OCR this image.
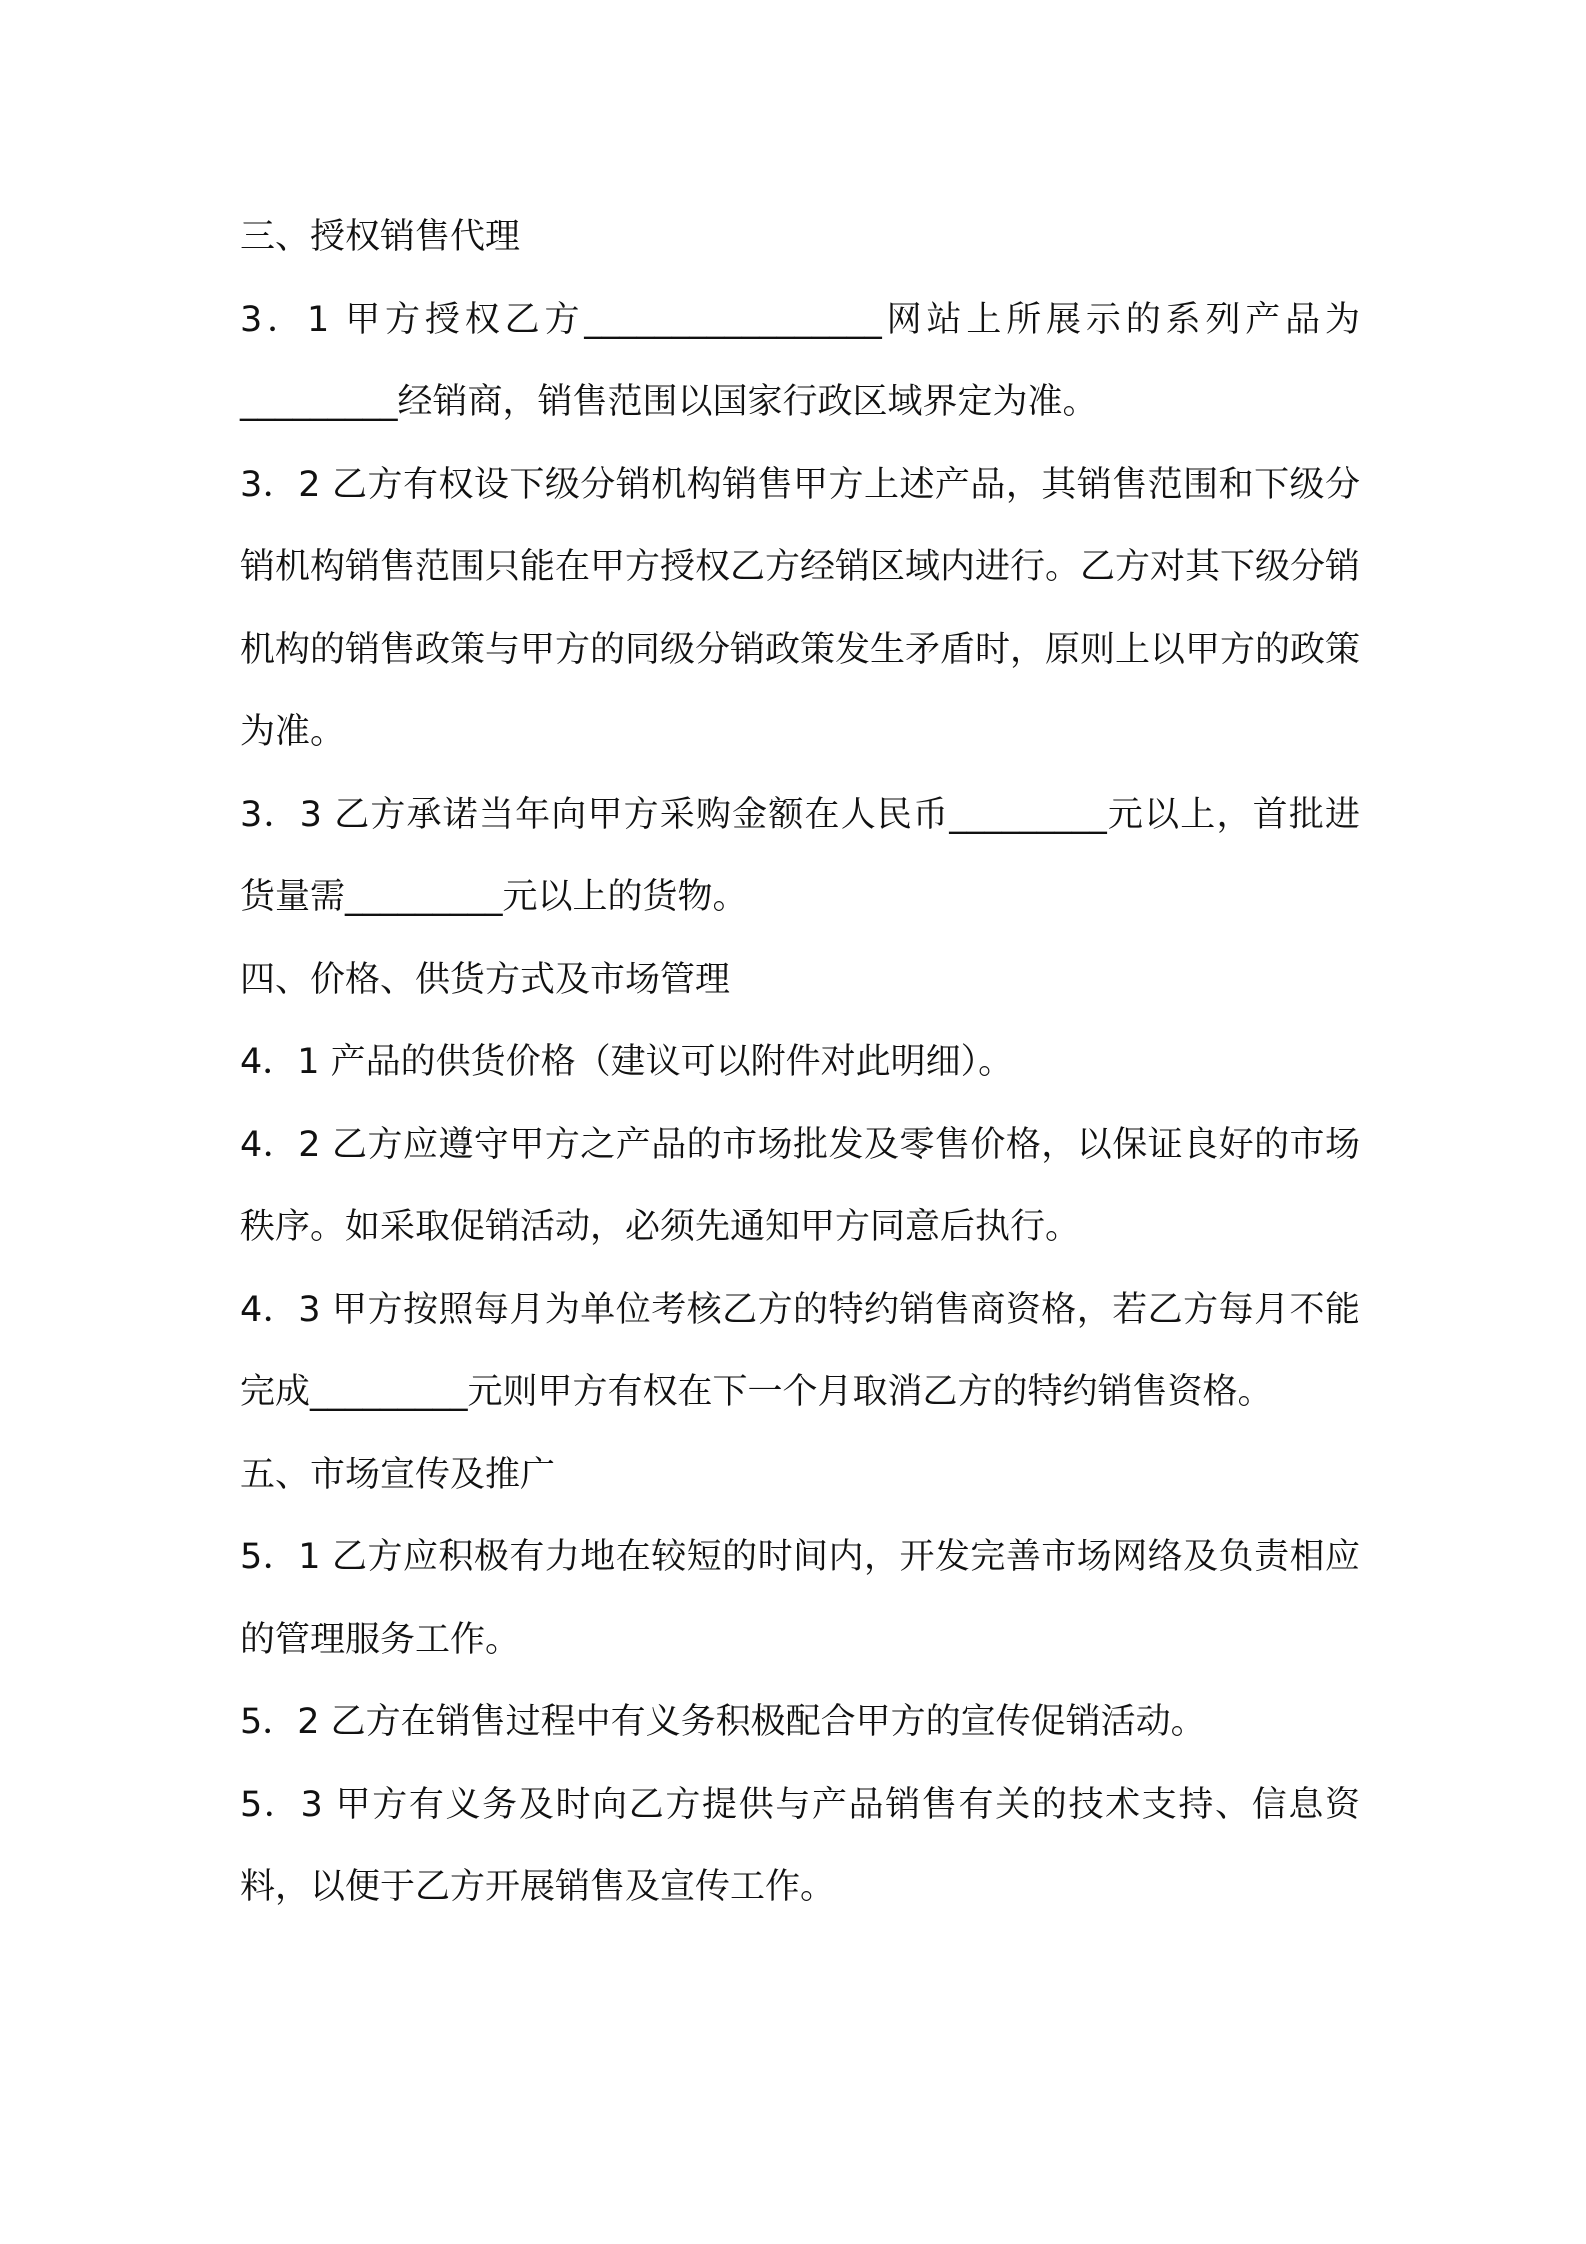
三、授权销售代理

3．1 甲方授权乙方_________________网站上所展示的系列产品为_________经销商，销售范围以国家行政区域界定为准。

3．2 乙方有权设下级分销机构销售甲方上述产品，其销售范围和下级分销机构销售范围只能在甲方授权乙方经销区域内进行。乙方对其下级分销机构的销售政策与甲方的同级分销政策发生矛盾时，原则上以甲方的政策为准。

3．3 乙方承诺当年向甲方采购金额在人民币_________元以上，首批进货量需_________元以上的货物。

四、价格、供货方式及市场管理

4．1 产品的供货价格（建议可以附件对此明细）。

4．2 乙方应遵守甲方之产品的市场批发及零售价格，以保证良好的市场秩序。如采取促销活动，必须先通知甲方同意后执行。

4．3 甲方按照每月为单位考核乙方的特约销售商资格，若乙方每月不能完成_________元则甲方有权在下一个月取消乙方的特约销售资格。

五、市场宣传及推广

5．1 乙方应积极有力地在较短的时间内，开发完善市场网络及负责相应的管理服务工作。

5．2 乙方在销售过程中有义务积极配合甲方的宣传促销活动。

5．3 甲方有义务及时向乙方提供与产品销售有关的技术支持、信息资料，以便于乙方开展销售及宣传工作。
